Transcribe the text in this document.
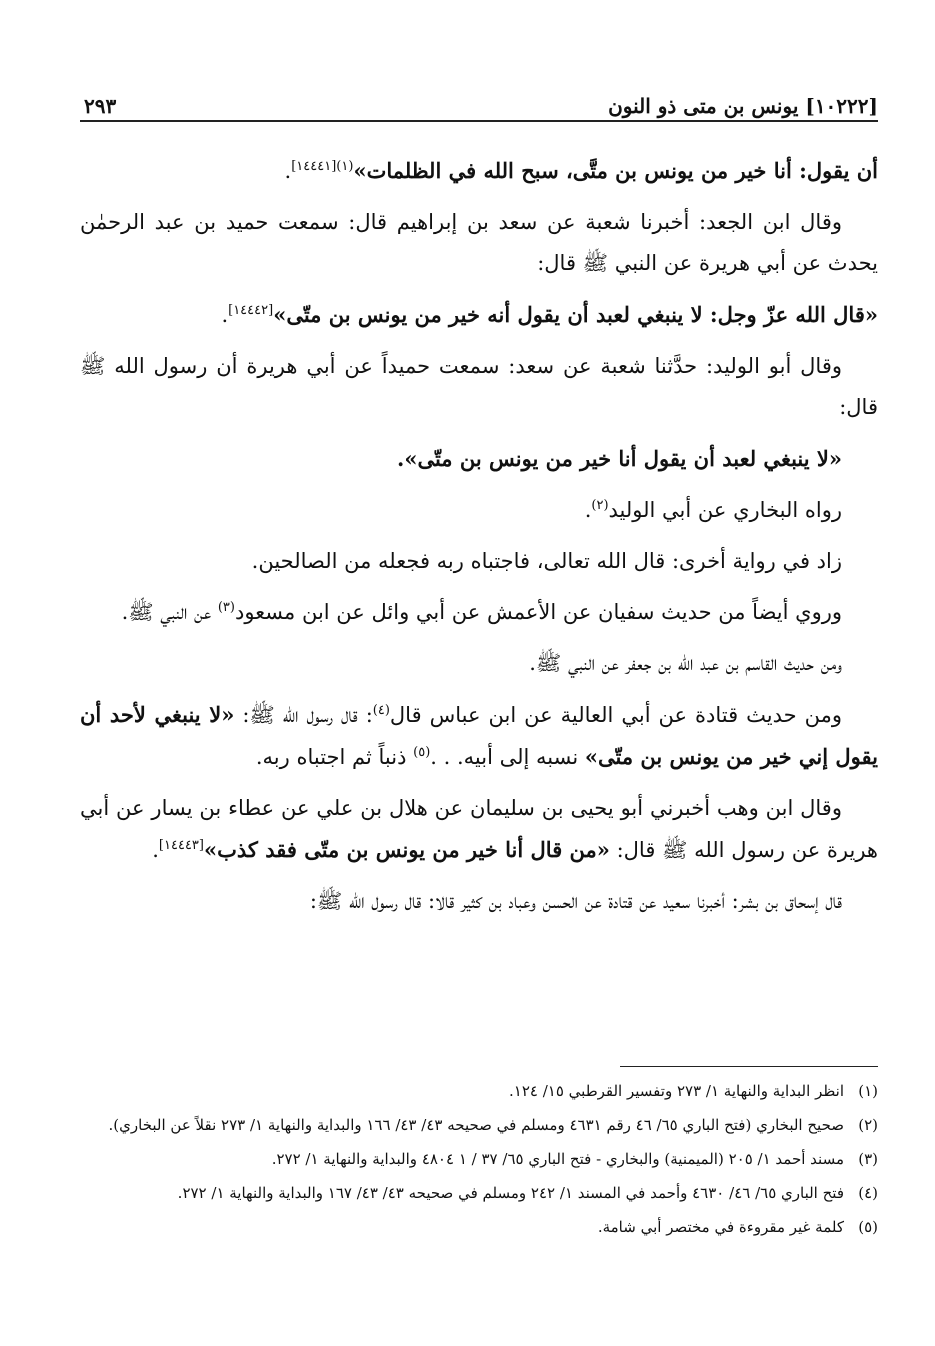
[١٠٢٢٢] يونس بن متى ذو النون
٢٩٣

أن يقول: أنا خير من يونس بن متَّى، سبح الله في الظلمات»$^{(١)[١٤٤٤١]}$.

وقال ابن الجعد: أخبرنا شعبة عن سعد بن إبراهيم قال: سمعت حميد بن عبد الرحمٰن يحدث عن أبي هريرة عن النبي ﷺ قال:

«قال الله عزّ وجل: لا ينبغي لعبد أن يقول أنه خير من يونس بن متّى»[١٤٤٤٢].

وقال أبو الوليد: حدَّثنا شعبة عن سعد: سمعت حميداً عن أبي هريرة أن رسول الله ﷺ قال:

«لا ينبغي لعبد أن يقول أنا خير من يونس بن متّى».

رواه البخاري عن أبي الوليد$^{(٢)}$.

زاد في رواية أخرى: قال الله تعالى، فاجتباه ربه فجعله من الصالحين.

وروي أيضاً من حديث سفيان عن الأعمش عن أبي وائل عن ابن مسعود$^{(٣)}$ عن النبي ﷺ.

ومن حديث القاسم بن عبد الله بن جعفر عن النبي ﷺ.

ومن حديث قتادة عن أبي العالية عن ابن عباس قال$^{(٤)}$: قال رسول الله ﷺ: «لا ينبغي لأحد أن يقول إني خير من يونس بن متّى» نسبه إلى أبيه. . .$^{(٥)}$ ذنباً ثم اجتباه ربه.

وقال ابن وهب أخبرني أبو يحيى بن سليمان عن هلال بن علي عن عطاء بن يسار عن أبي هريرة عن رسول الله ﷺ قال: «من قال أنا خير من يونس بن متّى فقد كذب»[١٤٤٤٣].

قال إسحاق بن بشر: أخبرنا سعيد عن قتادة عن الحسن وعباد بن كثير قالا: قال رسول الله ﷺ:

(١)
انظر البداية والنهاية ١/ ٢٧٣ وتفسير القرطبي ١٥/ ١٢٤.
(٢)
صحيح البخاري (فتح الباري ٦٥/ ٤٦ رقم ٤٦٣١ ومسلم في صحيحه ٤٣/ ٤٣/ ١٦٦ والبداية والنهاية ١/ ٢٧٣ نقلاً عن البخاري).
(٣)
مسند أحمد ١/ ٢٠٥ (الميمنية) والبخاري - فتح الباري ٦٥/ ٣٧ / ١ ٤٨٠٤ والبداية والنهاية ١/ ٢٧٢.
(٤)
فتح الباري ٦٥/ ٤٦/ ٤٦٣٠ وأحمد في المسند ١/ ٢٤٢ ومسلم في صحيحه ٤٣/ ٤٣/ ١٦٧ والبداية والنهاية ١/ ٢٧٢.
(٥)
كلمة غير مقروءة في مختصر أبي شامة.
